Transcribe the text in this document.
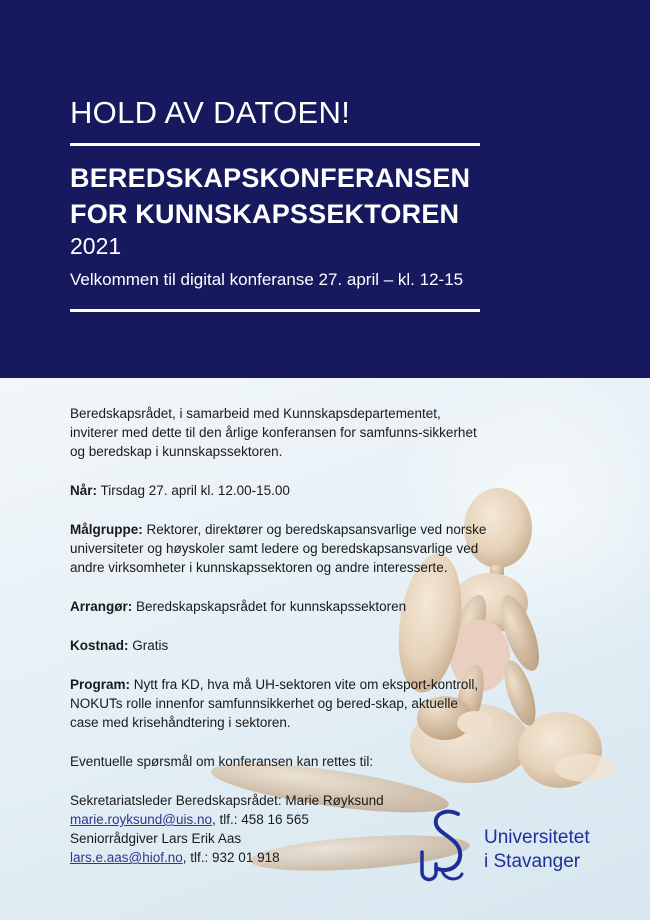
HOLD AV DATOEN!
BEREDSKAPSKONFERANSEN
FOR KUNNSKAPSSEKTOREN
2021
Velkommen til digital konferanse 27. april – kl. 12-15

Beredskapsrådet, i samarbeid med Kunnskapsdepartementet, inviterer med dette til den årlige konferansen for samfunns-sikkerhet og beredskap i kunnskapssektoren.

Når: Tirsdag 27. april kl. 12.00-15.00

Målgruppe: Rektorer, direktører og beredskapsansvarlige ved norske universiteter og høyskoler samt ledere og beredskapsansvarlige ved andre virksomheter i kunnskapssektoren og andre interesserte.

Arrangør: Beredskapskapsrådet for kunnskapssektoren

Kostnad: Gratis

Program: Nytt fra KD, hva må UH-sektoren vite om eksport-kontroll, NOKUTs rolle innenfor samfunnsikkerhet og bered-skap, aktuelle case med krisehåndtering i sektoren.

Eventuelle spørsmål om konferansen kan rettes til:

Sekretariatsleder Beredskapsrådet: Marie Røyksund
marie.royksund@uis.no, tlf.: 458 16 565
Seniorrådgiver Lars Erik Aas
lars.e.aas@hiof.no, tlf.: 932 01 918
Universitetet
i Stavanger
